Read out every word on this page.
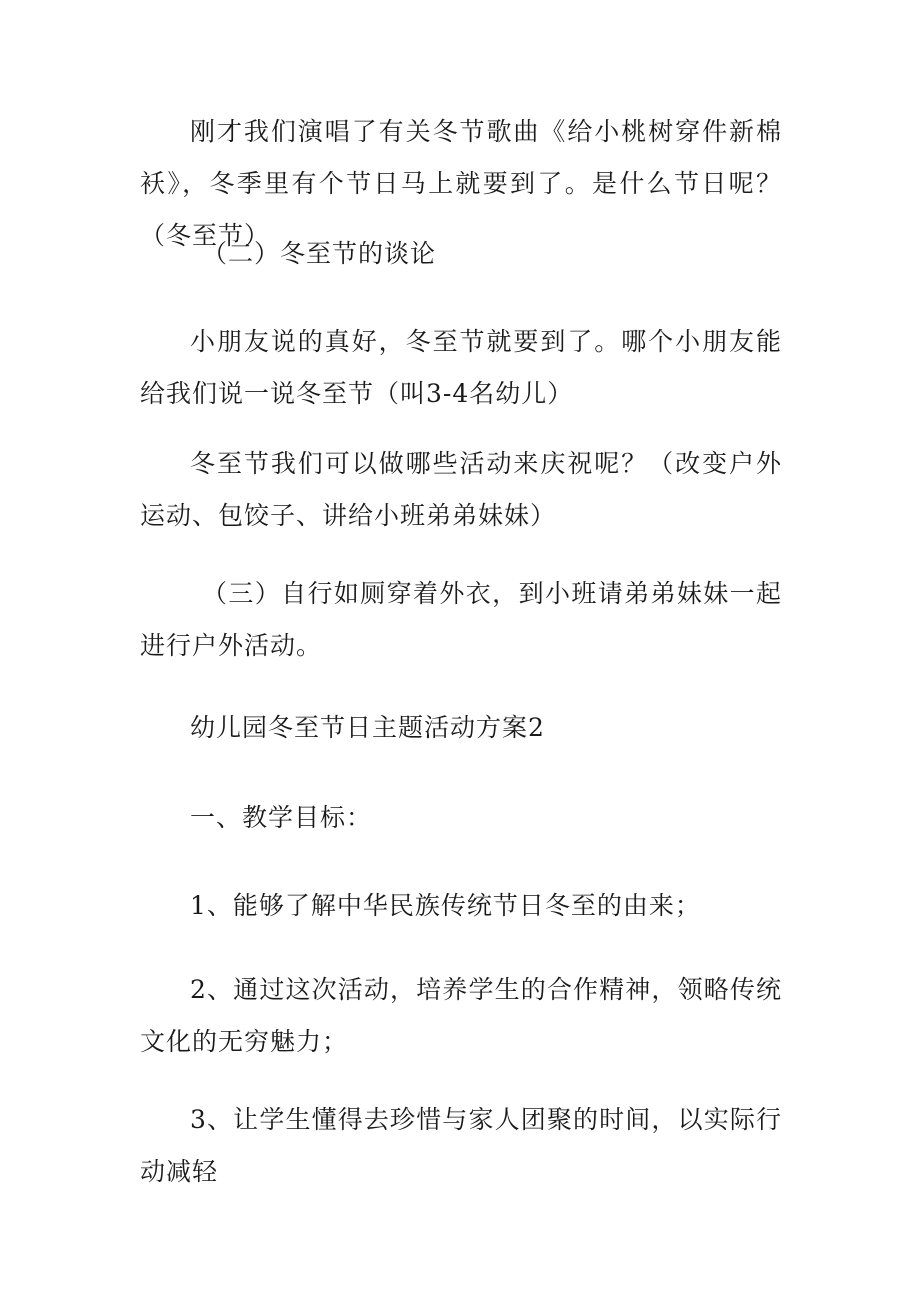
刚才我们演唱了有关冬节歌曲《给小桃树穿件新棉袄》，冬季里有个节日马上就要到了。是什么节日呢？（冬至节）

（二）冬至节的谈论

小朋友说的真好，冬至节就要到了。哪个小朋友能给我们说一说冬至节（叫3-4名幼儿）

冬至节我们可以做哪些活动来庆祝呢？（改变户外运动、包饺子、讲给小班弟弟妹妹）

（三）自行如厕穿着外衣，到小班请弟弟妹妹一起进行户外活动。

幼儿园冬至节日主题活动方案2

一、教学目标：

1、能够了解中华民族传统节日冬至的由来；

2、通过这次活动，培养学生的合作精神，领略传统文化的无穷魅力；

3、让学生懂得去珍惜与家人团聚的时间，以实际行动减轻
